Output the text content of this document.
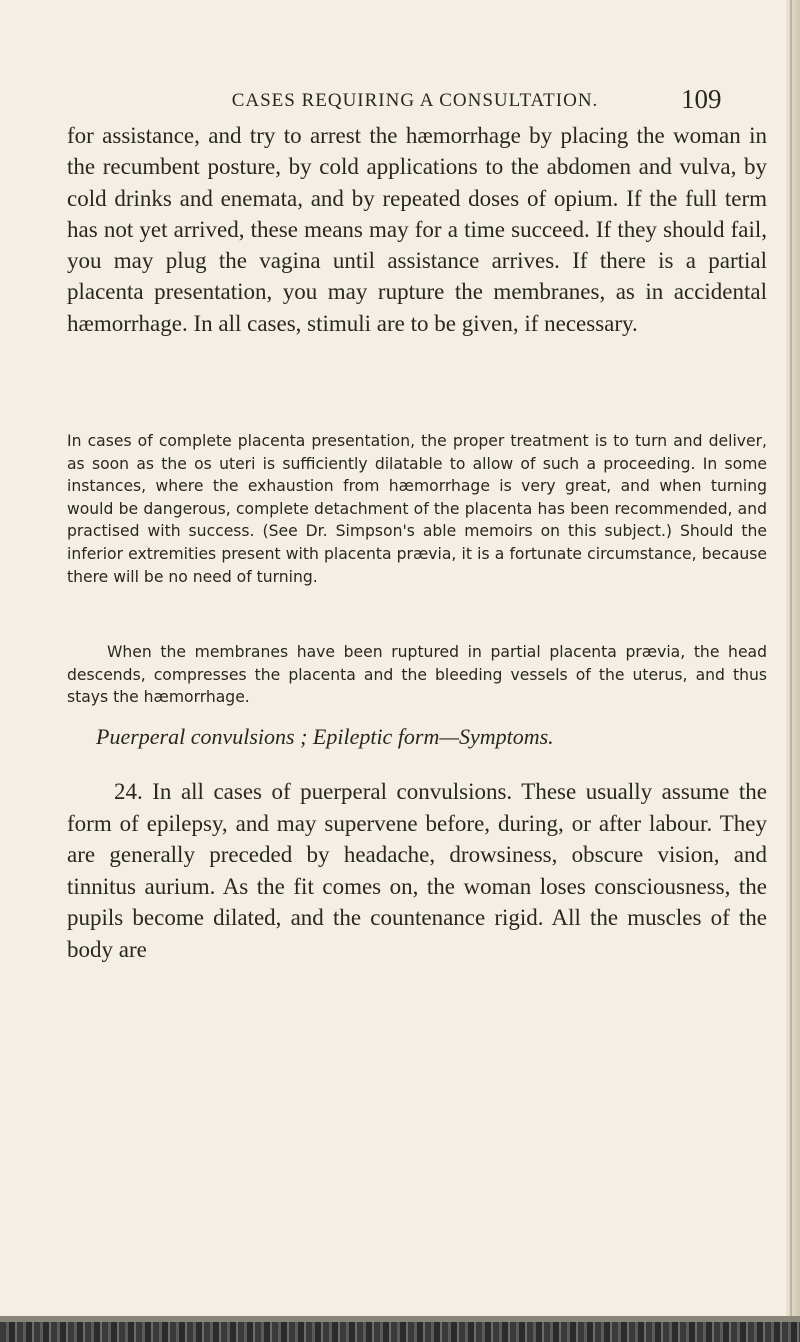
CASES REQUIRING A CONSULTATION.	109

for assistance, and try to arrest the hæmorrhage by placing the woman in the recumbent posture, by cold applications to the abdomen and vulva, by cold drinks and enemata, and by repeated doses of opium. If the full term has not yet arrived, these means may for a time succeed. If they should fail, you may plug the vagina until assistance arrives. If there is a partial placenta presentation, you may rupture the membranes, as in accidental hæmorrhage. In all cases, stimuli are to be given, if necessary.

In cases of complete placenta presentation, the proper treatment is to turn and deliver, as soon as the os uteri is sufficiently dilatable to allow of such a proceeding. In some instances, where the exhaustion from hæmorrhage is very great, and when turning would be dangerous, complete detachment of the placenta has been recommended, and practised with success. (See Dr. Simpson's able memoirs on this subject.) Should the inferior extremities present with placenta prævia, it is a fortunate circumstance, because there will be no need of turning.

When the membranes have been ruptured in partial placenta prævia, the head descends, compresses the placenta and the bleeding vessels of the uterus, and thus stays the hæmorrhage.

Puerperal convulsions ; Epileptic form—Symptoms.

24. In all cases of puerperal convulsions. These usually assume the form of epilepsy, and may supervene before, during, or after labour. They are generally preceded by headache, drowsiness, obscure vision, and tinnitus aurium. As the fit comes on, the woman loses consciousness, the pupils become dilated, and the countenance rigid. All the muscles of the body are
